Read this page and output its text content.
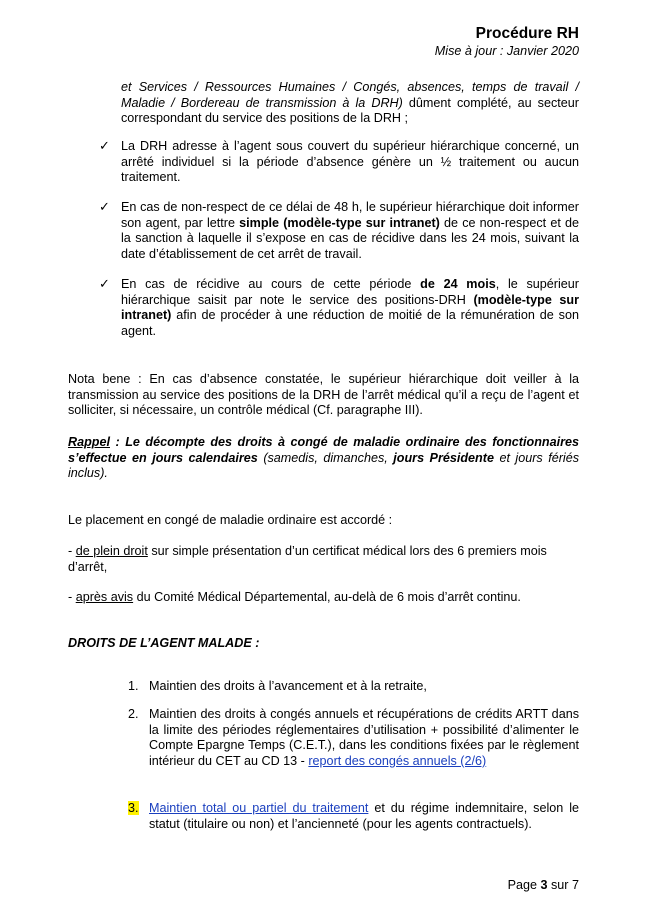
Procédure RH
Mise à jour : Janvier 2020
et Services / Ressources Humaines / Congés, absences, temps de travail / Maladie / Bordereau de transmission à la DRH) dûment complété, au secteur correspondant du service des positions de la DRH ;
✓ La DRH adresse à l’agent sous couvert du supérieur hiérarchique concerné, un arrêté individuel si la période d’absence génère un ½ traitement ou aucun traitement.
✓ En cas de non-respect de ce délai de 48 h, le supérieur hiérarchique doit informer son agent, par lettre simple (modèle-type sur intranet) de ce non-respect et de la sanction à laquelle il s’expose en cas de récidive dans les 24 mois, suivant la date d’établissement de cet arrêt de travail.
✓ En cas de récidive au cours de cette période de 24 mois, le supérieur hiérarchique saisit par note le service des positions-DRH (modèle-type sur intranet) afin de procéder à une réduction de moitié de la rémunération de son agent.
Nota bene : En cas d’absence constatée, le supérieur hiérarchique doit veiller à la transmission au service des positions de la DRH de l’arrêt médical qu’il a reçu de l’agent et solliciter, si nécessaire, un contrôle médical (Cf. paragraphe III).
Rappel : Le décompte des droits à congé de maladie ordinaire des fonctionnaires s’effectue en jours calendaires (samedis, dimanches, jours Présidente et jours fériés inclus).
Le placement en congé de maladie ordinaire est accordé :
- de plein droit sur simple présentation d’un certificat médical lors des 6 premiers mois d’arrêt,
- après avis du Comité Médical Départemental, au-delà de 6 mois d’arrêt continu.
DROITS DE L’AGENT MALADE :
1. Maintien des droits à l’avancement et à la retraite,
2. Maintien des droits à congés annuels et récupérations de crédits ARTT dans la limite des périodes réglementaires d’utilisation + possibilité d’alimenter le Compte Epargne Temps (C.E.T.), dans les conditions fixées par le règlement intérieur du CET au CD 13 - report des congés annuels (2/6)
3. Maintien total ou partiel du traitement et du régime indemnitaire, selon le statut (titulaire ou non) et l’ancienneté (pour les agents contractuels).
Page 3 sur 7
